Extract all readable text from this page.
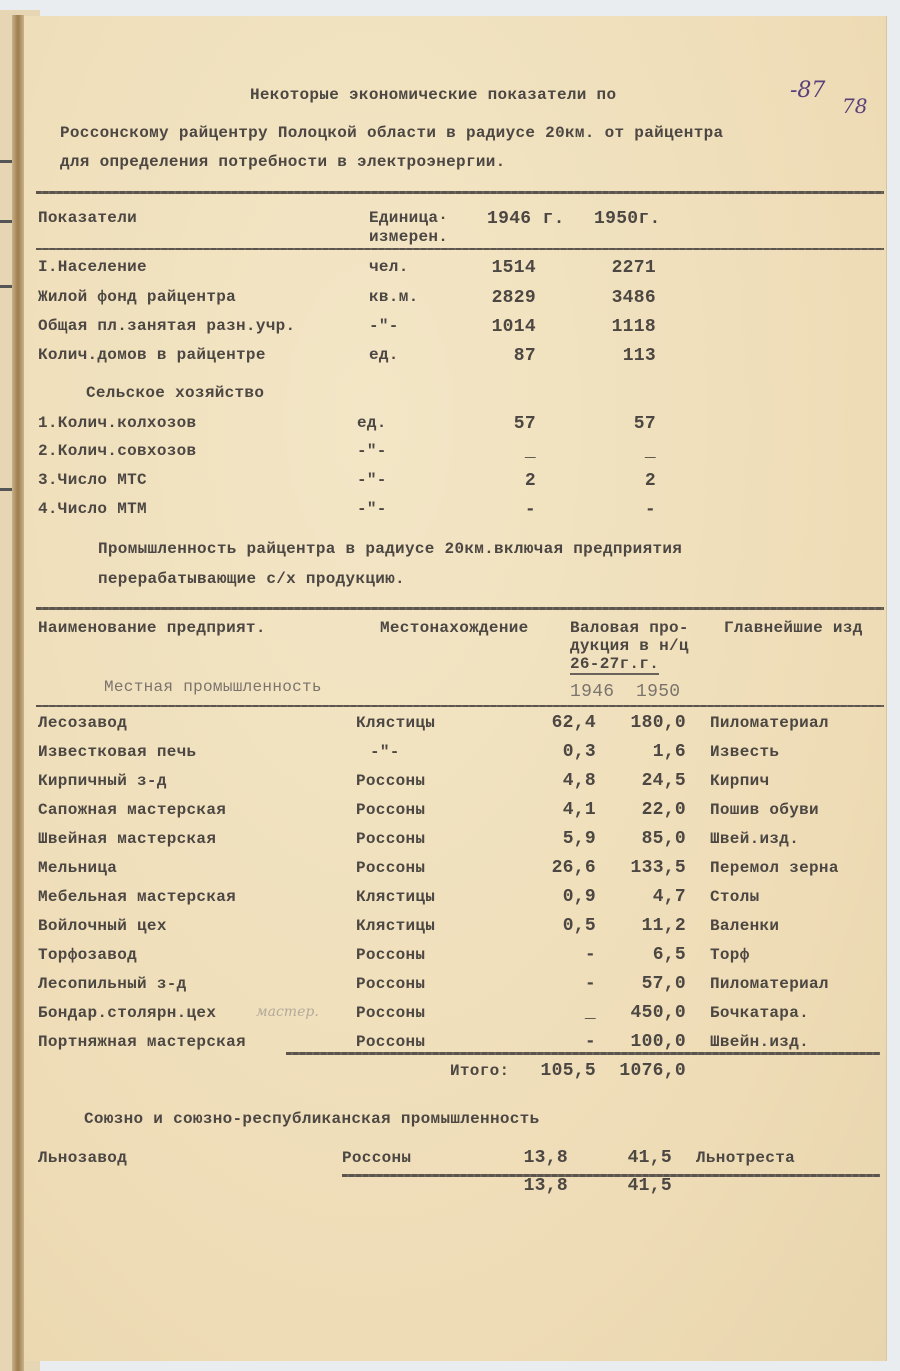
Некоторые экономические показатели по	-87
78
Россонскому райцентру Полоцкой области в радиусе 20км. от райцентра
для определения потребности в электроэнергии.
Показатели	Единица·
измерен.
1946 г. 1950г.
I.Население	чел.	1514	2271
Жилой фонд райцентра	кв.м.	2829	3486
Общая пл.занятая разн.учр.	-"-	1014	1118
Колич.домов в райцентре	ед.	87	113
Сельское хозяйство
1.Колич.колхозов	ед.	57	57
2.Колич.совхозов	-"-	_	_
3.Число МТС	-"-	2	2
4.Число МТМ	-"-	-	-
Промышленность райцентра в радиусе 20км.включая предприятия
перерабатывающие с/х продукцию.
Наименование предприят.	Местонахождение	Валовая про-
дукция в н/ц
26-27г.г.
Главнейшие изд
Местная промышленность	1946 1950
Лесозавод	Клястицы	62,4	180,0 Пиломатериал
Известковая печь	-"-	0,3	1,6 Известь
Кирпичный з-д	Россоны	4,8	24,5 Кирпич
Сапожная мастерская	Россоны	4,1	22,0 Пошив обуви
Швейная мастерская	Россоны	5,9	85,0 Швей.изд.
Мельница	Россоны	26,6	133,5 Перемол зерна
Мебельная мастерская	Клястицы	0,9	4,7 Столы
Войлочный цех	Клястицы	0,5	11,2 Валенки
Торфозавод	Россоны	-	6,5 Торф
Лесопильный з-д	Россоны	-	57,0 Пиломатериал
Бондар.столярн.цех	мастер. Россоны	_	450,0 Бочкатара.
Портняжная мастерская	Россоны	-	100,0 Швейн.изд.
Итого:	105,5 1076,0
Союзно и союзно-республиканская промышленность
Льнозавод	Россоны	13,8	41,5 Льнотреста
13,8	41,5
